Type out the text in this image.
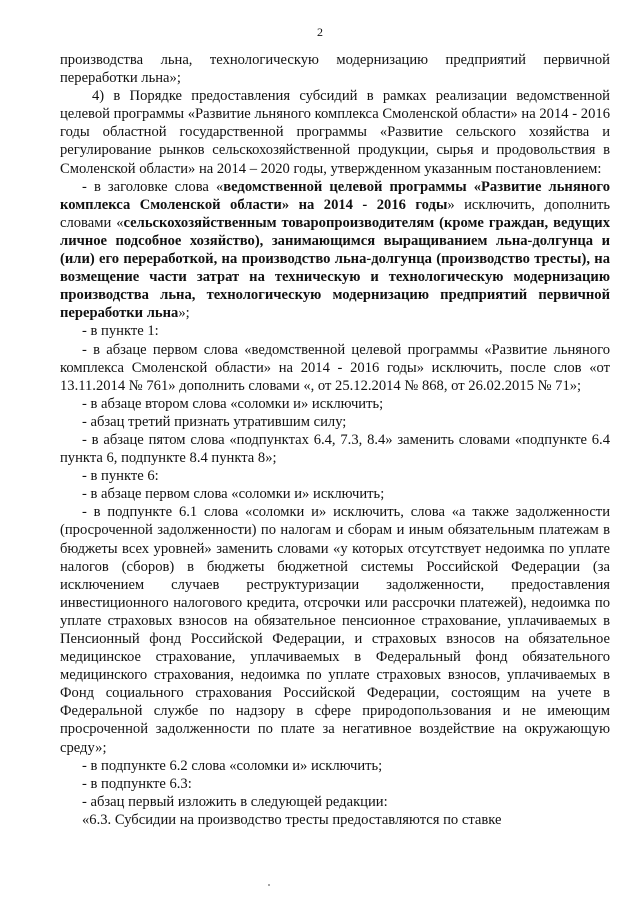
2

производства льна, технологическую модернизацию предприятий первичной переработки льна»;

4) в Порядке предоставления субсидий в рамках реализации ведомственной целевой программы «Развитие льняного комплекса Смоленской области» на 2014 - 2016 годы областной государственной программы «Развитие сельского хозяйства и регулирование рынков сельскохозяйственной продукции, сырья и продовольствия в Смоленской области» на 2014 – 2020 годы, утвержденном указанным постановлением:

- в заголовке слова «ведомственной целевой программы «Развитие льняного комплекса Смоленской области» на 2014 - 2016 годы» исключить, дополнить словами «сельскохозяйственным товаропроизводителям (кроме граждан, ведущих личное подсобное хозяйство), занимающимся выращиванием льна-долгунца и (или) его переработкой, на производство льна-долгунца (производство тресты), на возмещение части затрат на техническую и технологическую модернизацию производства льна, технологическую модернизацию предприятий первичной переработки льна»;

- в пункте 1:

- в абзаце первом слова «ведомственной целевой программы «Развитие льняного комплекса Смоленской области» на 2014 - 2016 годы» исключить, после слов «от 13.11.2014 № 761» дополнить словами «, от 25.12.2014 № 868, от 26.02.2015 № 71»;

- в абзаце втором слова «соломки и» исключить;

- абзац третий признать утратившим силу;

- в абзаце пятом слова «подпунктах 6.4, 7.3, 8.4» заменить словами «подпункте 6.4 пункта 6, подпункте 8.4 пункта 8»;

- в пункте 6:

- в абзаце первом слова «соломки и» исключить;

- в подпункте 6.1 слова «соломки и» исключить, слова «а также задолженности (просроченной задолженности) по налогам и сборам и иным обязательным платежам в бюджеты всех уровней» заменить словами «у которых отсутствует недоимка по уплате налогов (сборов) в бюджеты бюджетной системы Российской Федерации (за исключением случаев реструктуризации задолженности, предоставления инвестиционного налогового кредита, отсрочки или рассрочки платежей), недоимка по уплате страховых взносов на обязательное пенсионное страхование, уплачиваемых в Пенсионный фонд Российской Федерации, и страховых взносов на обязательное медицинское страхование, уплачиваемых в Федеральный фонд обязательного медицинского страхования, недоимка по уплате страховых взносов, уплачиваемых в Фонд социального страхования Российской Федерации, состоящим на учете в Федеральной службе по надзору в сфере природопользования и не имеющим просроченной задолженности по плате за негативное воздействие на окружающую среду»;

- в подпункте 6.2 слова «соломки и» исключить;

- в подпункте 6.3:

- абзац первый изложить в следующей редакции:

«6.3. Субсидии на производство тресты предоставляются по ставке
